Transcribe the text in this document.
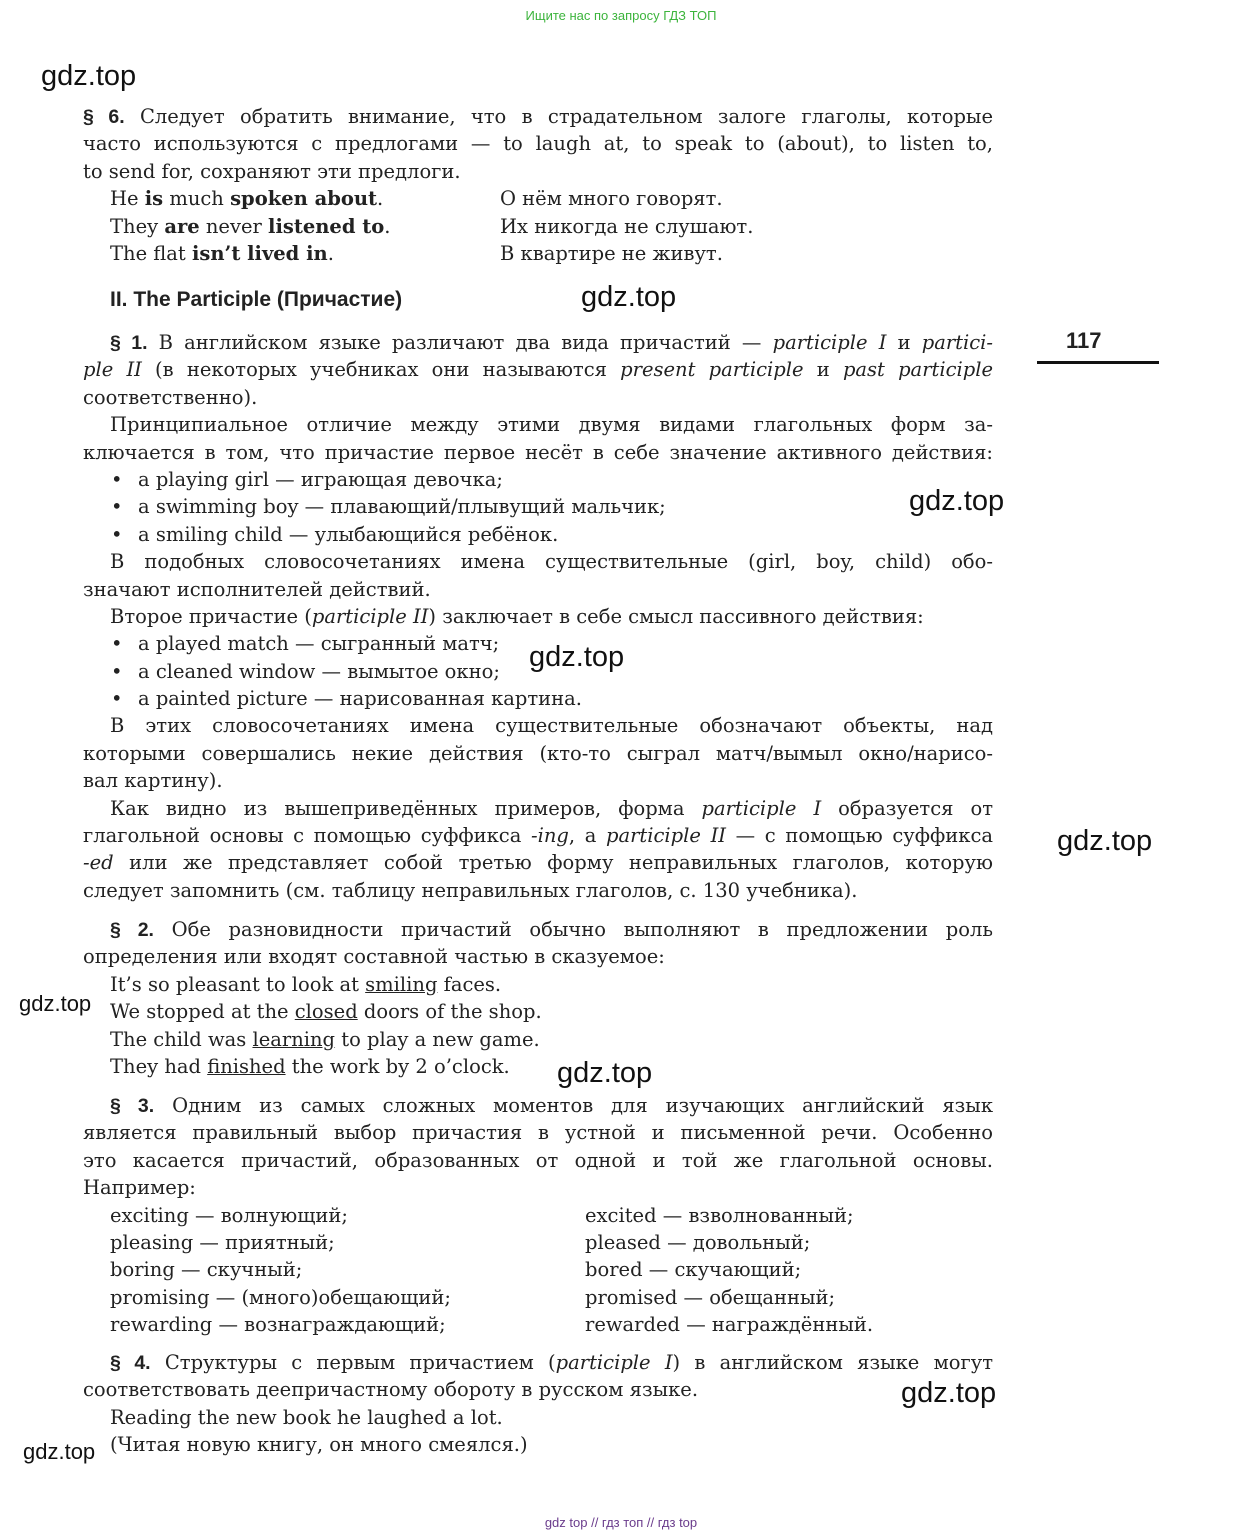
Ищите нас по запросу ГДЗ ТОП
gdz.top
gdz.top
gdz.top
gdz.top
gdz.top
gdz.top
gdz.top
gdz.top
gdz.top
117
§ 6. Следует обратить внимание, что в страдательном залоге глаголы, которые
часто используются с предлогами — to laugh at, to speak to (about), to listen to,
to send for, сохраняют эти предлоги.
He is much spoken about.	О нём много говорят.
They are never listened to.	Их никогда не слушают.
The flat isn’t lived in.	В квартире не живут.
II. The Participle (Причастие)
§ 1. В английском языке различают два вида причастий — participle I и partici-
ple II (в некоторых учебниках они называются present participle и past participle
соответственно).
Принципиальное отличие между этими двумя видами глагольных форм за-
ключается в том, что причастие первое несёт в себе значение активного действия:
• a playing girl — играющая девочка;
• a swimming boy — плавающий/плывущий мальчик;
• a smiling child — улыбающийся ребёнок.
В подобных словосочетаниях имена существительные (girl, boy, child) обо-
значают исполнителей действий.
Второе причастие (participle II) заключает в себе смысл пассивного действия:
• a played match — сыгранный матч;
• a cleaned window — вымытое окно;
• a painted picture — нарисованная картина.
В этих словосочетаниях имена существительные обозначают объекты, над
которыми совершались некие действия (кто-то сыграл матч/вымыл окно/нарисо-
вал картину).
Как видно из вышеприведённых примеров, форма participle I образуется от
глагольной основы с помощью суффикса -ing, а participle II — с помощью суффикса
-ed или же представляет собой третью форму неправильных глаголов, которую
следует запомнить (см. таблицу неправильных глаголов, с. 130 учебника).
§ 2. Обе разновидности причастий обычно выполняют в предложении роль
определения или входят составной частью в сказуемое:
It’s so pleasant to look at smiling faces.
We stopped at the closed doors of the shop.
The child was learning to play a new game.
They had finished the work by 2 o’clock.
§ 3. Одним из самых сложных моментов для изучающих английский язык
является правильный выбор причастия в устной и письменной речи. Особенно
это касается причастий, образованных от одной и той же глагольной основы.
Например:
exciting — волнующий;	excited — взволнованный;
pleasing — приятный;	pleased — довольный;
boring — скучный;	bored — скучающий;
promising — (много)обещающий;	promised — обещанный;
rewarding — вознаграждающий;	rewarded — награждённый.
§ 4. Структуры с первым причастием (participle I) в английском языке могут
соответствовать деепричастному обороту в русском языке.
Reading the new book he laughed a lot.
(Читая новую книгу, он много смеялся.)
gdz top // гдз топ // гдз top
